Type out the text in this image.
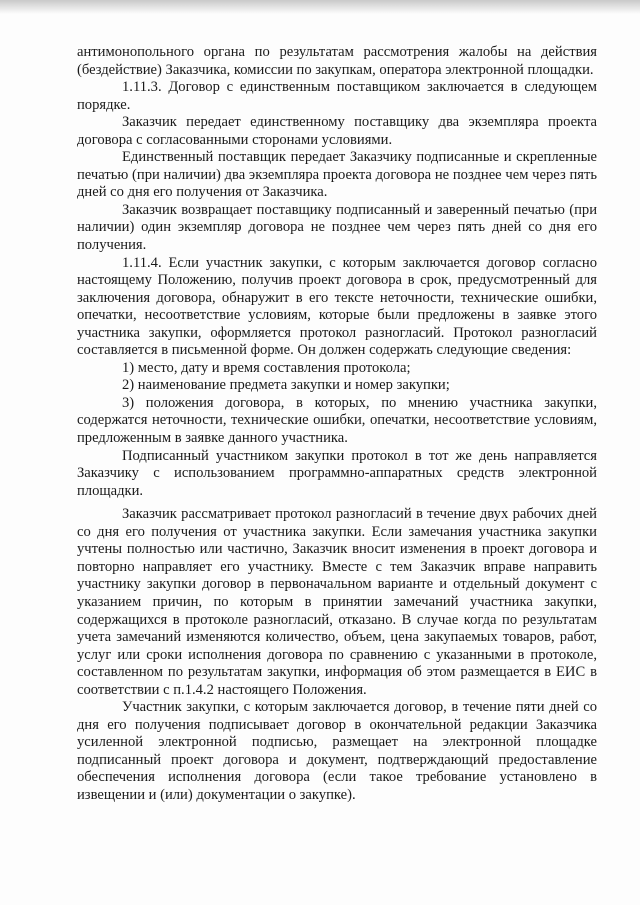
антимонопольного органа по результатам рассмотрения жалобы на действия (бездействие) Заказчика, комиссии по закупкам, оператора электронной площадки.

1.11.3. Договор с единственным поставщиком заключается в следующем порядке.

Заказчик передает единственному поставщику два экземпляра проекта договора с согласованными сторонами условиями.

Единственный поставщик передает Заказчику подписанные и скрепленные печатью (при наличии) два экземпляра проекта договора не позднее чем через пять дней со дня его получения от Заказчика.

Заказчик возвращает поставщику подписанный и заверенный печатью (при наличии) один экземпляр договора не позднее чем через пять дней со дня его получения.

1.11.4. Если участник закупки, с которым заключается договор согласно настоящему Положению, получив проект договора в срок, предусмотренный для заключения договора, обнаружит в его тексте неточности, технические ошибки, опечатки, несоответствие условиям, которые были предложены в заявке этого участника закупки, оформляется протокол разногласий. Протокол разногласий составляется в письменной форме. Он должен содержать следующие сведения:

1) место, дату и время составления протокола;

2) наименование предмета закупки и номер закупки;

3) положения договора, в которых, по мнению участника закупки, содержатся неточности, технические ошибки, опечатки, несоответствие условиям, предложенным в заявке данного участника.

Подписанный участником закупки протокол в тот же день направляется Заказчику с использованием программно-аппаратных средств электронной площадки.

Заказчик рассматривает протокол разногласий в течение двух рабочих дней со дня его получения от участника закупки. Если замечания участника закупки учтены полностью или частично, Заказчик вносит изменения в проект договора и повторно направляет его участнику. Вместе с тем Заказчик вправе направить участнику закупки договор в первоначальном варианте и отдельный документ с указанием причин, по которым в принятии замечаний участника закупки, содержащихся в протоколе разногласий, отказано. В случае когда по результатам учета замечаний изменяются количество, объем, цена закупаемых товаров, работ, услуг или сроки исполнения договора по сравнению с указанными в протоколе, составленном по результатам закупки, информация об этом размещается в ЕИС в соответствии с п.1.4.2 настоящего Положения.

Участник закупки, с которым заключается договор, в течение пяти дней со дня его получения подписывает договор в окончательной редакции Заказчика усиленной электронной подписью, размещает на электронной площадке подписанный проект договора и документ, подтверждающий предоставление обеспечения исполнения договора (если такое требование установлено в извещении и (или) документации о закупке).
